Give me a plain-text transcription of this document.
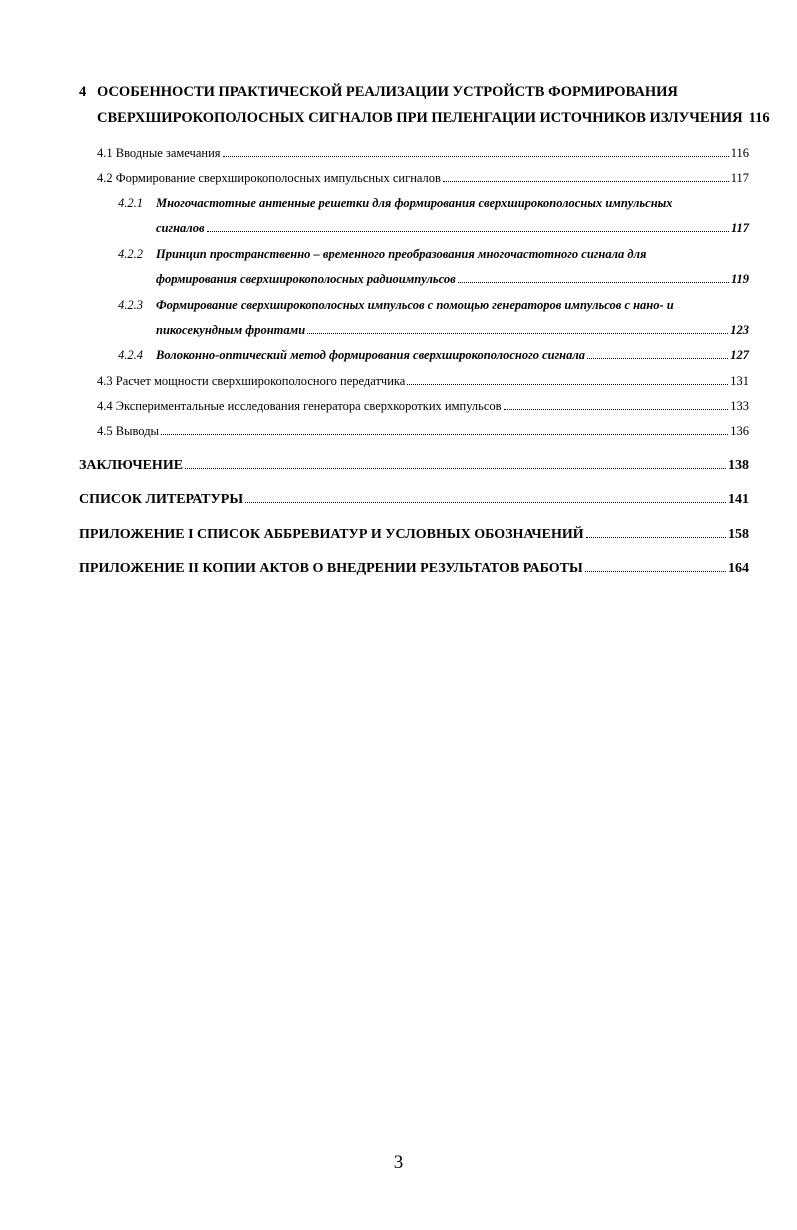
4 ОСОБЕННОСТИ ПРАКТИЧЕСКОЙ РЕАЛИЗАЦИИ УСТРОЙСТВ ФОРМИРОВАНИЯ
СВЕРХШИРОКОПОЛОСНЫХ СИГНАЛОВ ПРИ ПЕЛЕНГАЦИИ ИСТОЧНИКОВ ИЗЛУЧЕНИЯ 116
4.1 Вводные замечания	116
4.2 Формирование сверхширокополосных импульсных сигналов	117
4.2.1 Многочастотные антенные решетки для формирования сверхширокополосных импульсных
сигналов	117
4.2.2 Принцип пространственно – временного преобразования многочастотного сигнала для
формирования сверхширокополосных радиоимпульсов	119
4.2.3 Формирование сверхширокополосных импульсов с помощью генераторов импульсов с нано- и
пикосекундным фронтами	123
4.2.4 Волоконно-оптический метод формирования сверхширокополосного сигнала	127
4.3 Расчет мощности сверхширокополосного передатчика	131
4.4 Экспериментальные исследования генератора сверхкоротких импульсов	133
4.5 Выводы	136
ЗАКЛЮЧЕНИЕ	138
СПИСОК ЛИТЕРАТУРЫ	141
ПРИЛОЖЕНИЕ I СПИСОК АББРЕВИАТУР И УСЛОВНЫХ ОБОЗНАЧЕНИЙ	158
ПРИЛОЖЕНИЕ II КОПИИ АКТОВ О ВНЕДРЕНИИ РЕЗУЛЬТАТОВ РАБОТЫ	164
3
